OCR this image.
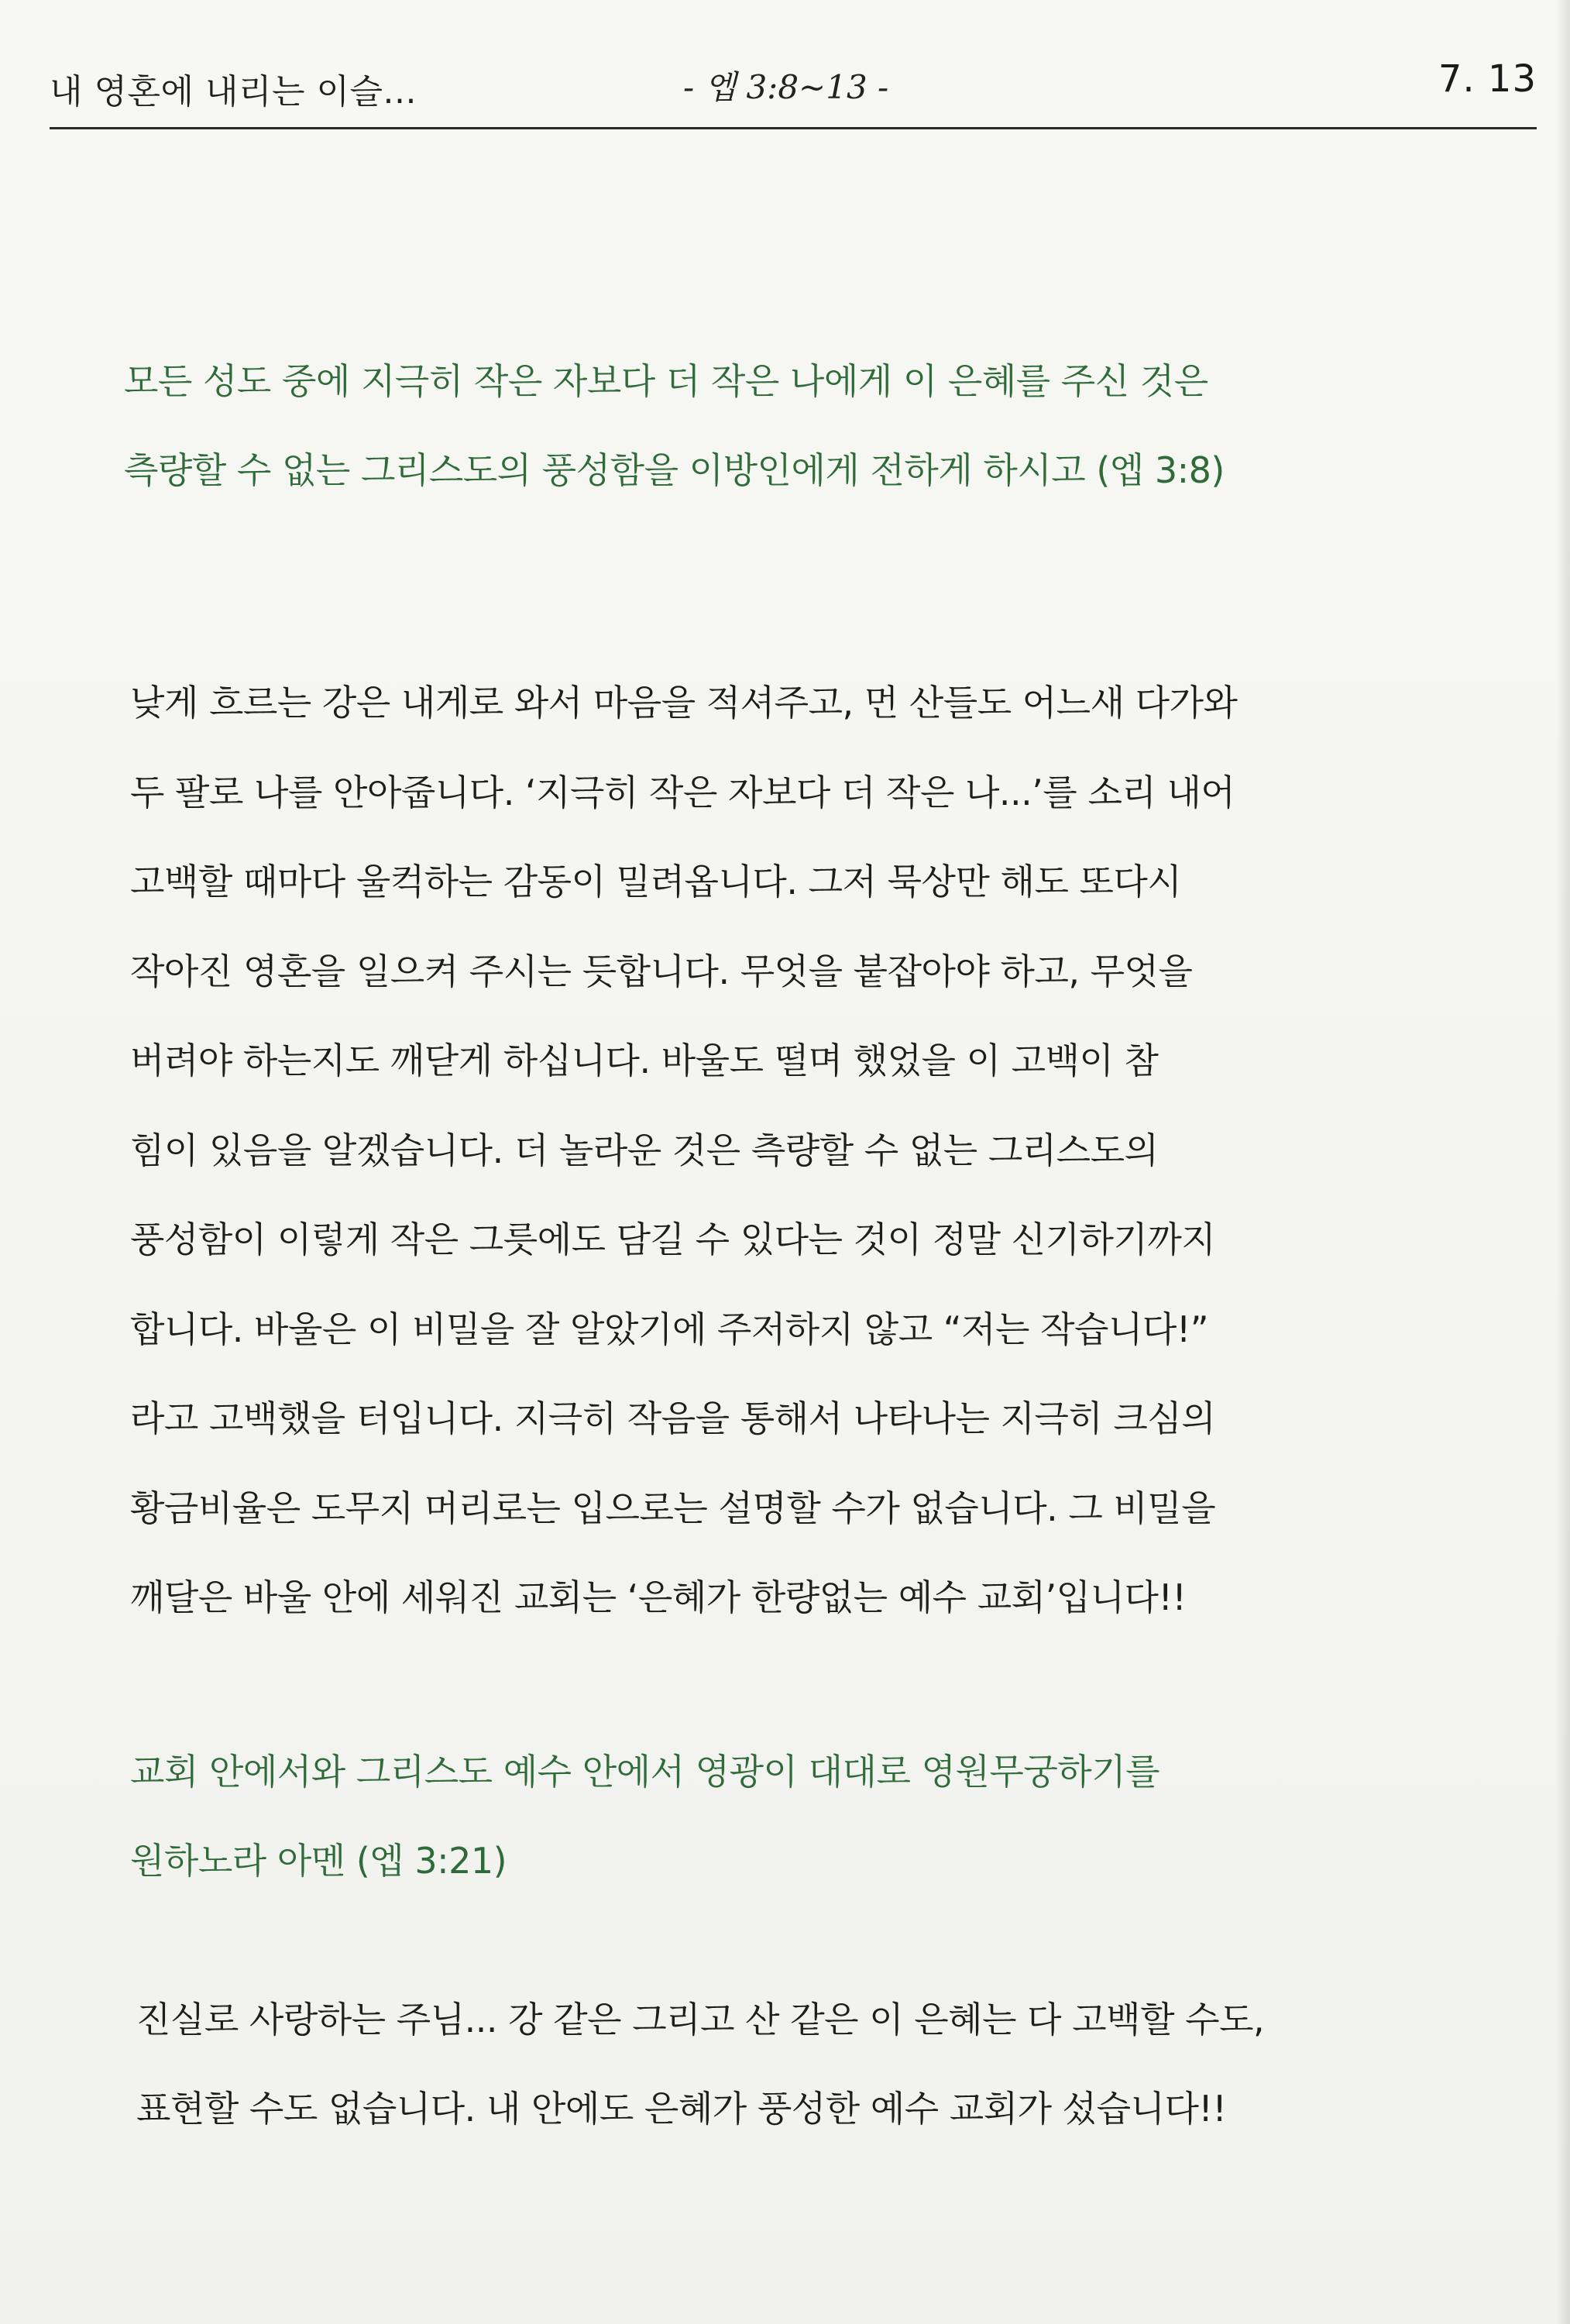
내 영혼에 내리는 이슬...	- 엡 3:8~13 -	7. 13

모든 성도 중에 지극히 작은 자보다 더 작은 나에게 이 은혜를 주신 것은
측량할 수 없는 그리스도의 풍성함을 이방인에게 전하게 하시고 (엡 3:8)

낮게 흐르는 강은 내게로 와서 마음을 적셔주고, 먼 산들도 어느새 다가와
두 팔로 나를 안아줍니다. ‘지극히 작은 자보다 더 작은 나...’를 소리 내어
고백할 때마다 울컥하는 감동이 밀려옵니다. 그저 묵상만 해도 또다시
작아진 영혼을 일으켜 주시는 듯합니다. 무엇을 붙잡아야 하고, 무엇을
버려야 하는지도 깨닫게 하십니다. 바울도 떨며 했었을 이 고백이 참
힘이 있음을 알겠습니다. 더 놀라운 것은 측량할 수 없는 그리스도의
풍성함이 이렇게 작은 그릇에도 담길 수 있다는 것이 정말 신기하기까지
합니다. 바울은 이 비밀을 잘 알았기에 주저하지 않고 “저는 작습니다!”
라고 고백했을 터입니다. 지극히 작음을 통해서 나타나는 지극히 크심의
황금비율은 도무지 머리로는 입으로는 설명할 수가 없습니다. 그 비밀을
깨달은 바울 안에 세워진 교회는 ‘은혜가 한량없는 예수 교회’입니다!!

교회 안에서와 그리스도 예수 안에서 영광이 대대로 영원무궁하기를
원하노라 아멘 (엡 3:21)

진실로 사랑하는 주님... 강 같은 그리고 산 같은 이 은혜는 다 고백할 수도,
표현할 수도 없습니다. 내 안에도 은혜가 풍성한 예수 교회가 섰습니다!!
